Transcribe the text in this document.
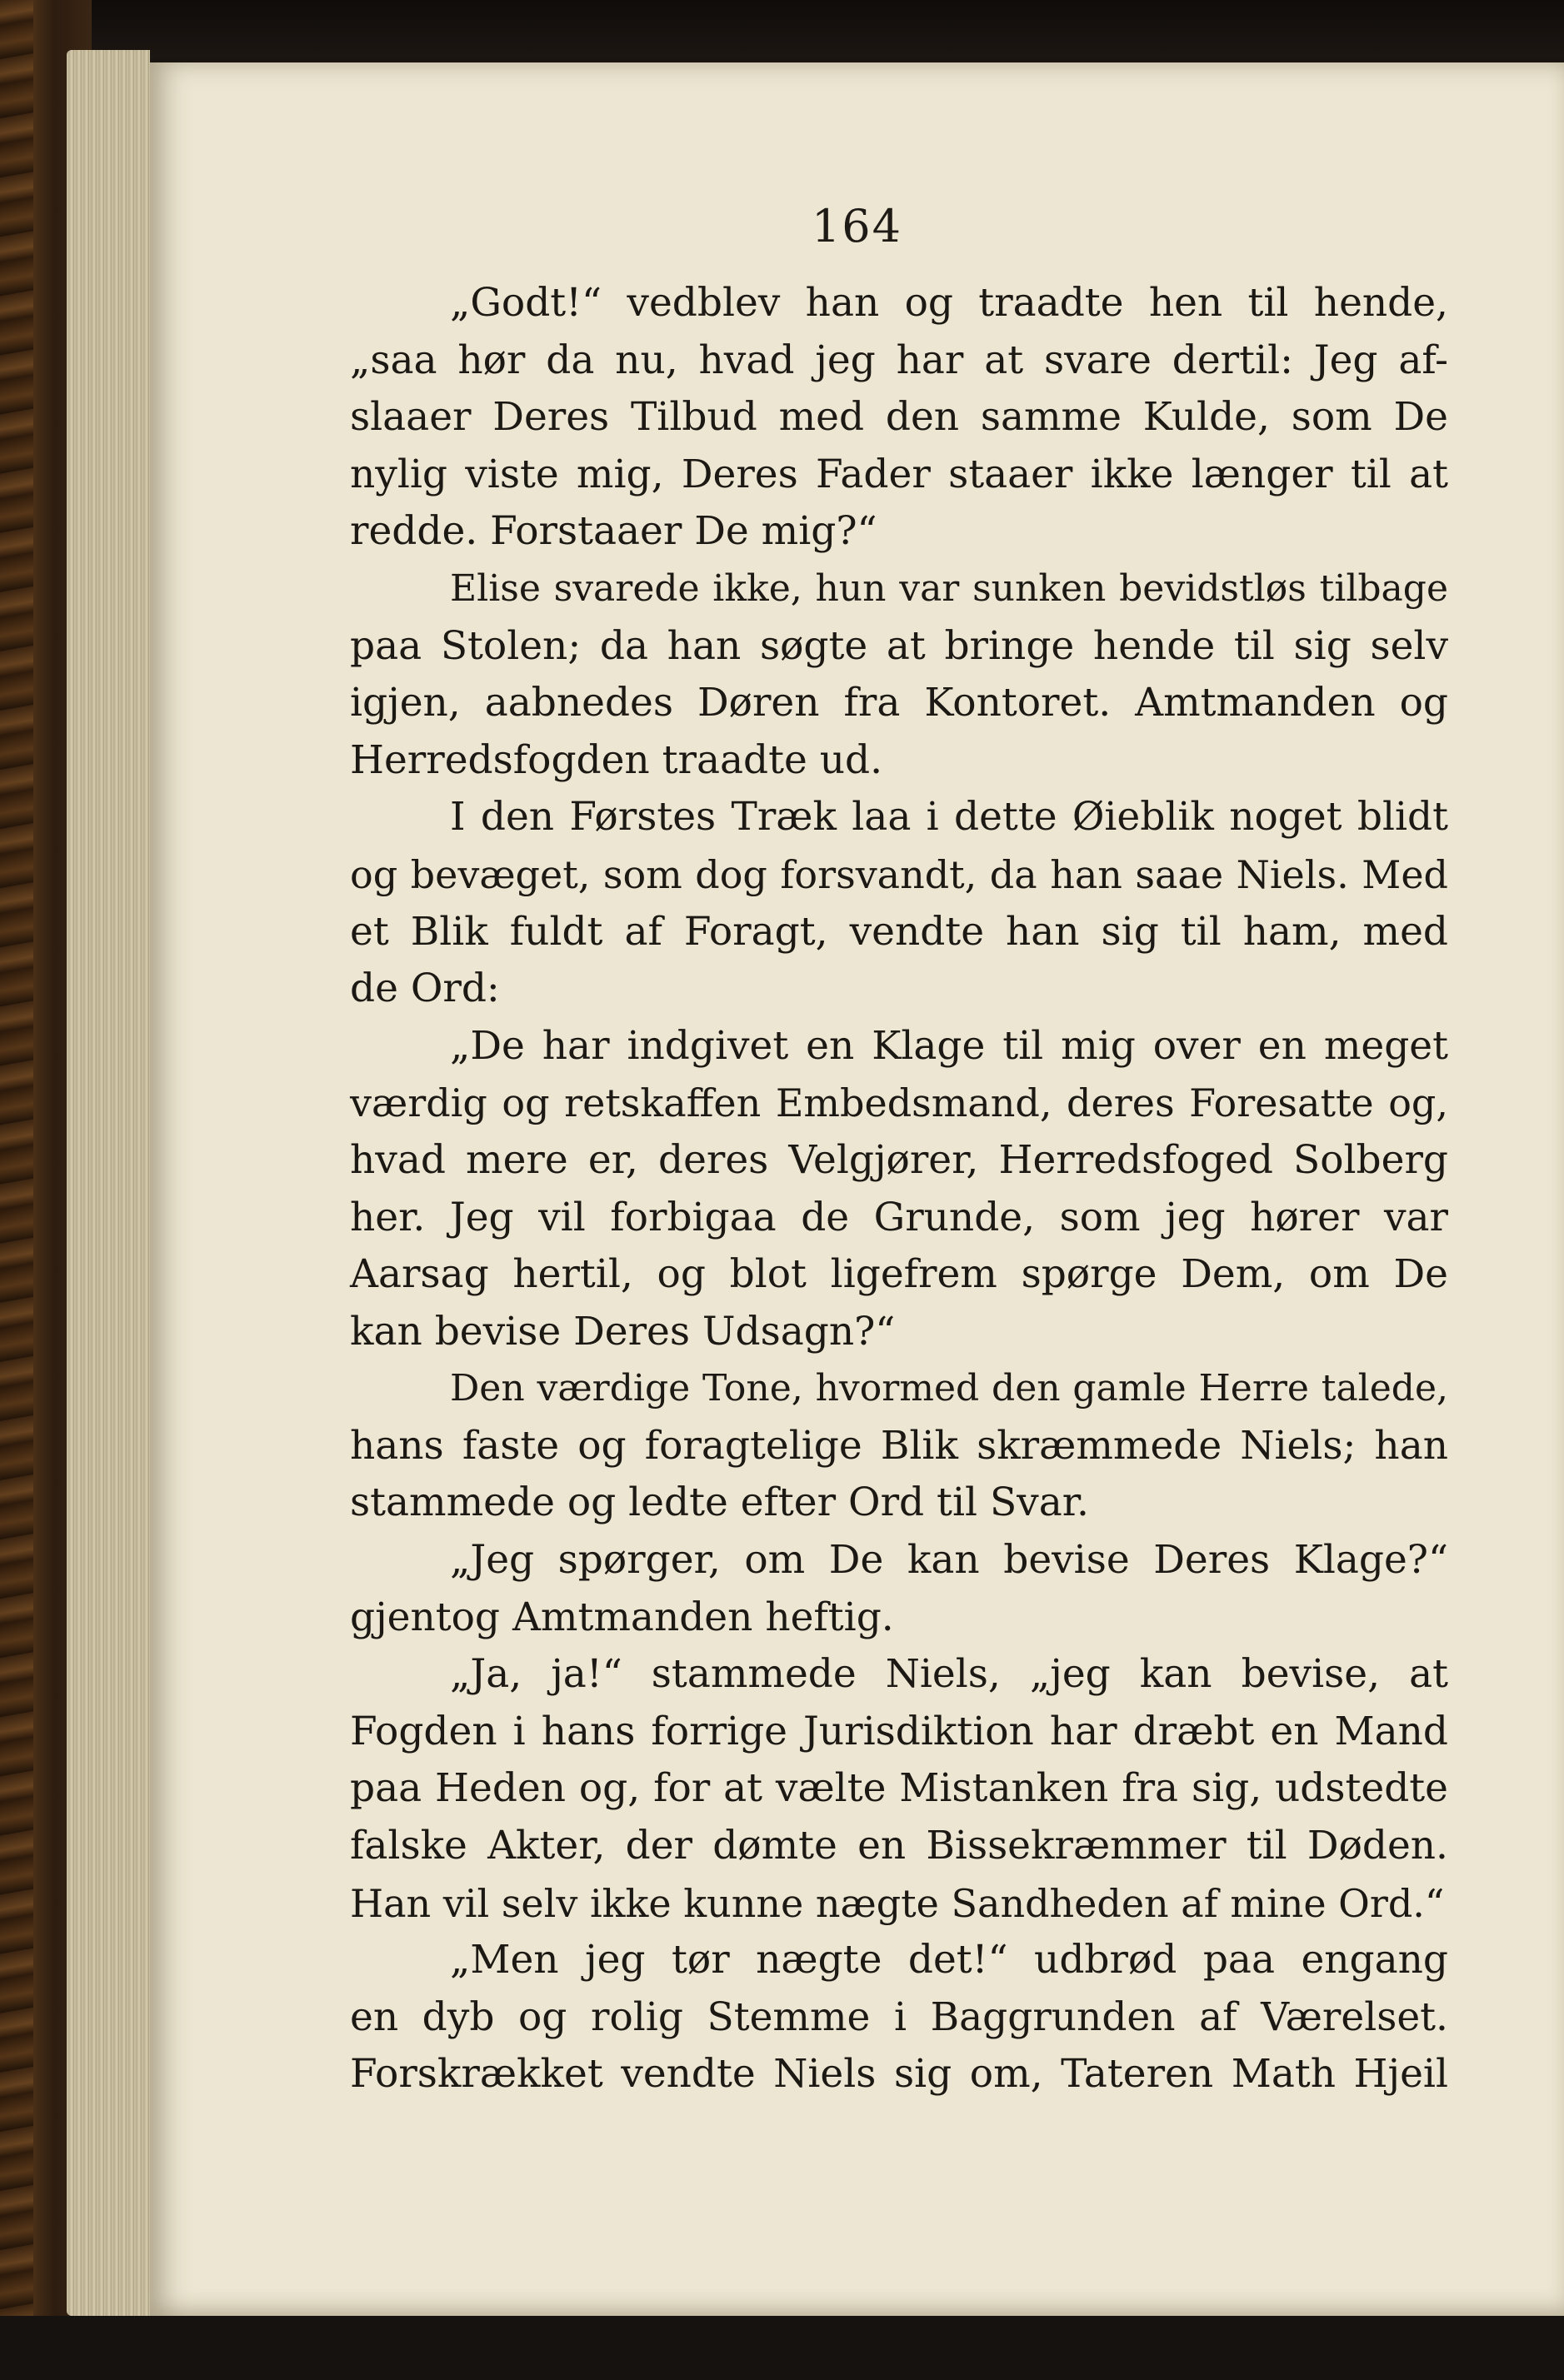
164
„Godt!“ vedblev han og traadte hen til hende,
„saa hør da nu, hvad jeg har at svare dertil: Jeg af-
slaaer Deres Tilbud med den samme Kulde, som De
nylig viste mig, Deres Fader staaer ikke længer til at
redde. Forstaaer De mig?“
Elise svarede ikke, hun var sunken bevidstløs tilbage
paa Stolen; da han søgte at bringe hende til sig selv
igjen, aabnedes Døren fra Kontoret. Amtmanden og
Herredsfogden traadte ud.
I den Førstes Træk laa i dette Øieblik noget blidt
og bevæget, som dog forsvandt, da han saae Niels. Med
et Blik fuldt af Foragt, vendte han sig til ham, med
de Ord:
„De har indgivet en Klage til mig over en meget
værdig og retskaffen Embedsmand, deres Foresatte og,
hvad mere er, deres Velgjører, Herredsfoged Solberg
her. Jeg vil forbigaa de Grunde, som jeg hører var
Aarsag hertil, og blot ligefrem spørge Dem, om De
kan bevise Deres Udsagn?“
Den værdige Tone, hvormed den gamle Herre talede,
hans faste og foragtelige Blik skræmmede Niels; han
stammede og ledte efter Ord til Svar.
„Jeg spørger, om De kan bevise Deres Klage?“
gjentog Amtmanden heftig.
„Ja, ja!“ stammede Niels, „jeg kan bevise, at
Fogden i hans forrige Jurisdiktion har dræbt en Mand
paa Heden og, for at vælte Mistanken fra sig, udstedte
falske Akter, der dømte en Bissekræmmer til Døden.
Han vil selv ikke kunne nægte Sandheden af mine Ord.“
„Men jeg tør nægte det!“ udbrød paa engang
en dyb og rolig Stemme i Baggrunden af Værelset.
Forskrækket vendte Niels sig om, Tateren Math Hjeil
